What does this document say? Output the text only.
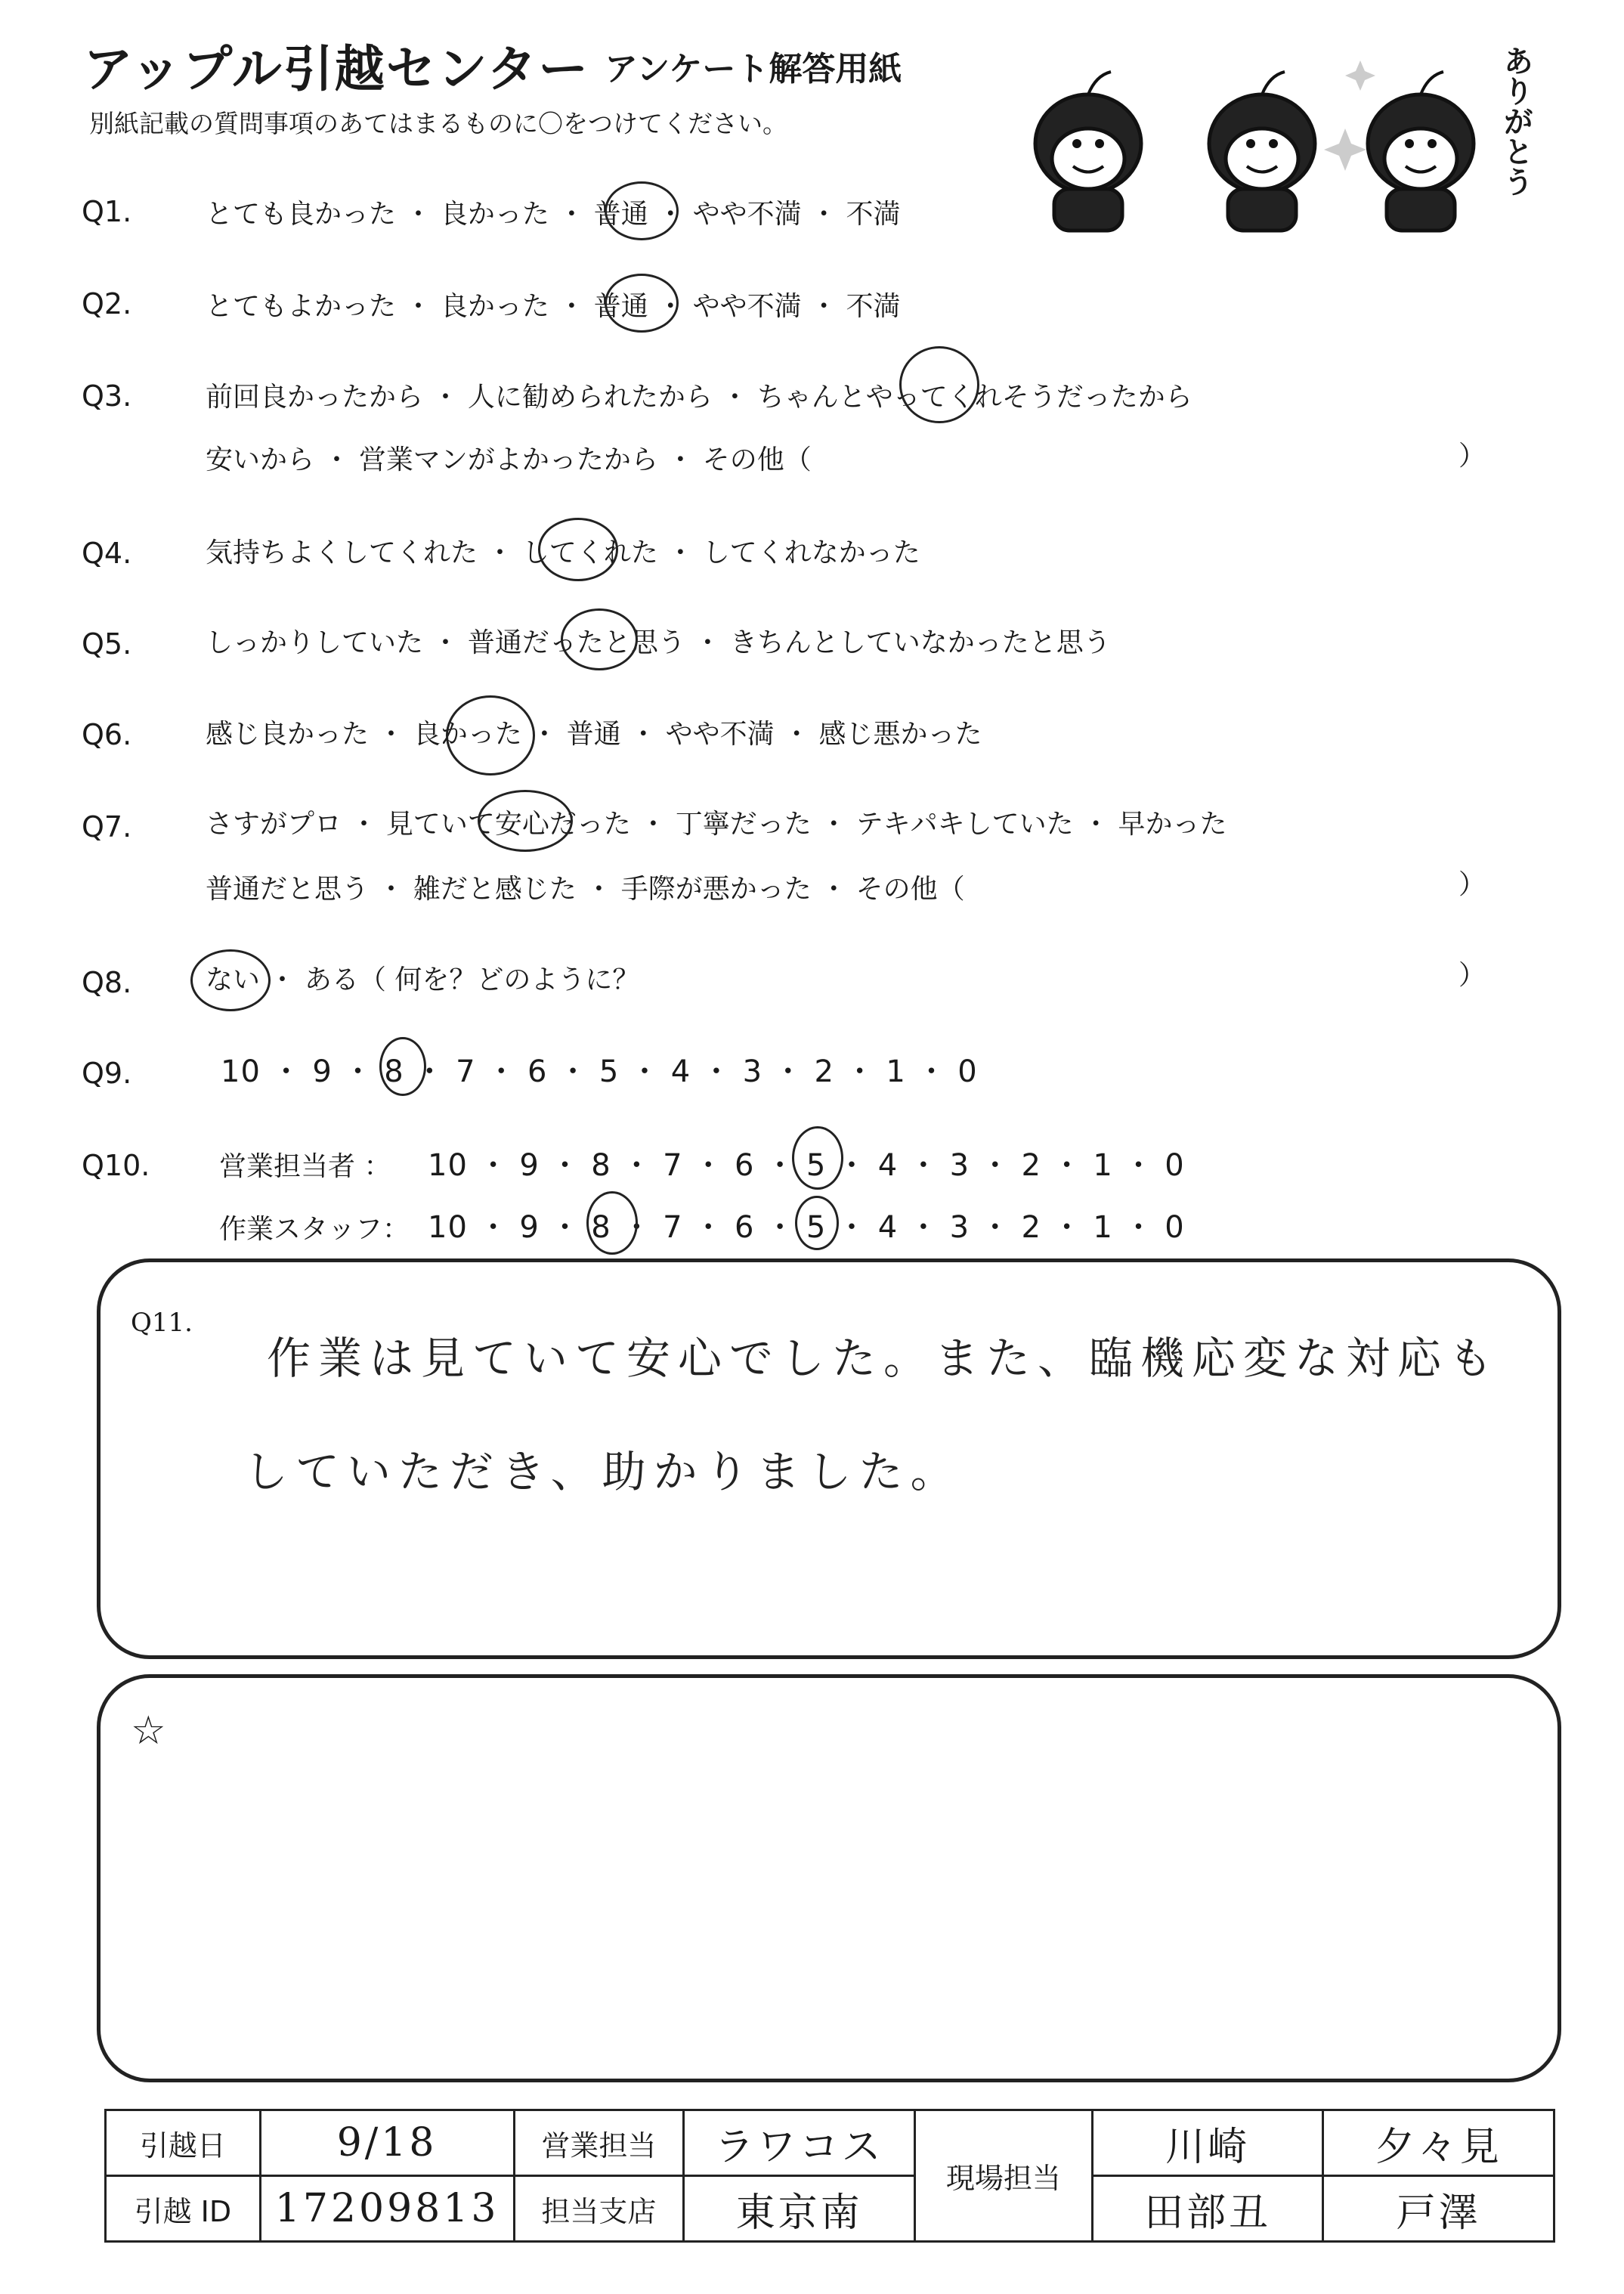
アップル引越センター アンケート解答用紙
別紙記載の質問事項のあてはまるものに〇をつけてください。	ありがとう
Q1.	とても良かった ・ 良かった ・ 普通 ・ やや不満 ・ 不満
Q2.	とてもよかった ・ 良かった ・ 普通 ・ やや不満 ・ 不満
Q3.	前回良かったから ・ 人に勧められたから ・ ちゃんとやってくれそうだったから
安いから ・ 営業マンがよかったから ・ その他（	）
Q4.	気持ちよくしてくれた ・ してくれた ・ してくれなかった
Q5.	しっかりしていた ・ 普通だったと思う ・ きちんとしていなかったと思う
Q6.	感じ良かった ・ 良かった ・ 普通 ・ やや不満 ・ 感じ悪かった
Q7.	さすがプロ ・ 見ていて安心だった ・ 丁寧だった ・ テキパキしていた ・ 早かった
普通だと思う ・ 雑だと感じた ・ 手際が悪かった ・ その他（	）
Q8.	ない ・ ある（ 何を？どのように？	）
Q9.	10 ・ 9 ・ 8 ・ 7 ・ 6 ・ 5 ・ 4 ・ 3 ・ 2 ・ 1 ・ 0
Q10.	営業担当者 ： 10 ・ 9 ・ 8 ・ 7 ・ 6 ・ 5 ・ 4 ・ 3 ・ 2 ・ 1 ・ 0
作業スタッフ： 10 ・ 9 ・ 8 ・ 7 ・ 6 ・ 5 ・ 4 ・ 3 ・ 2 ・ 1 ・ 0
Q11.
作業は見ていて安心でした。また、臨機応変な対応も
していただき、助かりました。
☆
引越日	9/18	営業担当	ラワコス	現場担当	川崎	夕々見
引越 ID	17209813	担当支店	東京南		田部丑	戸澤
